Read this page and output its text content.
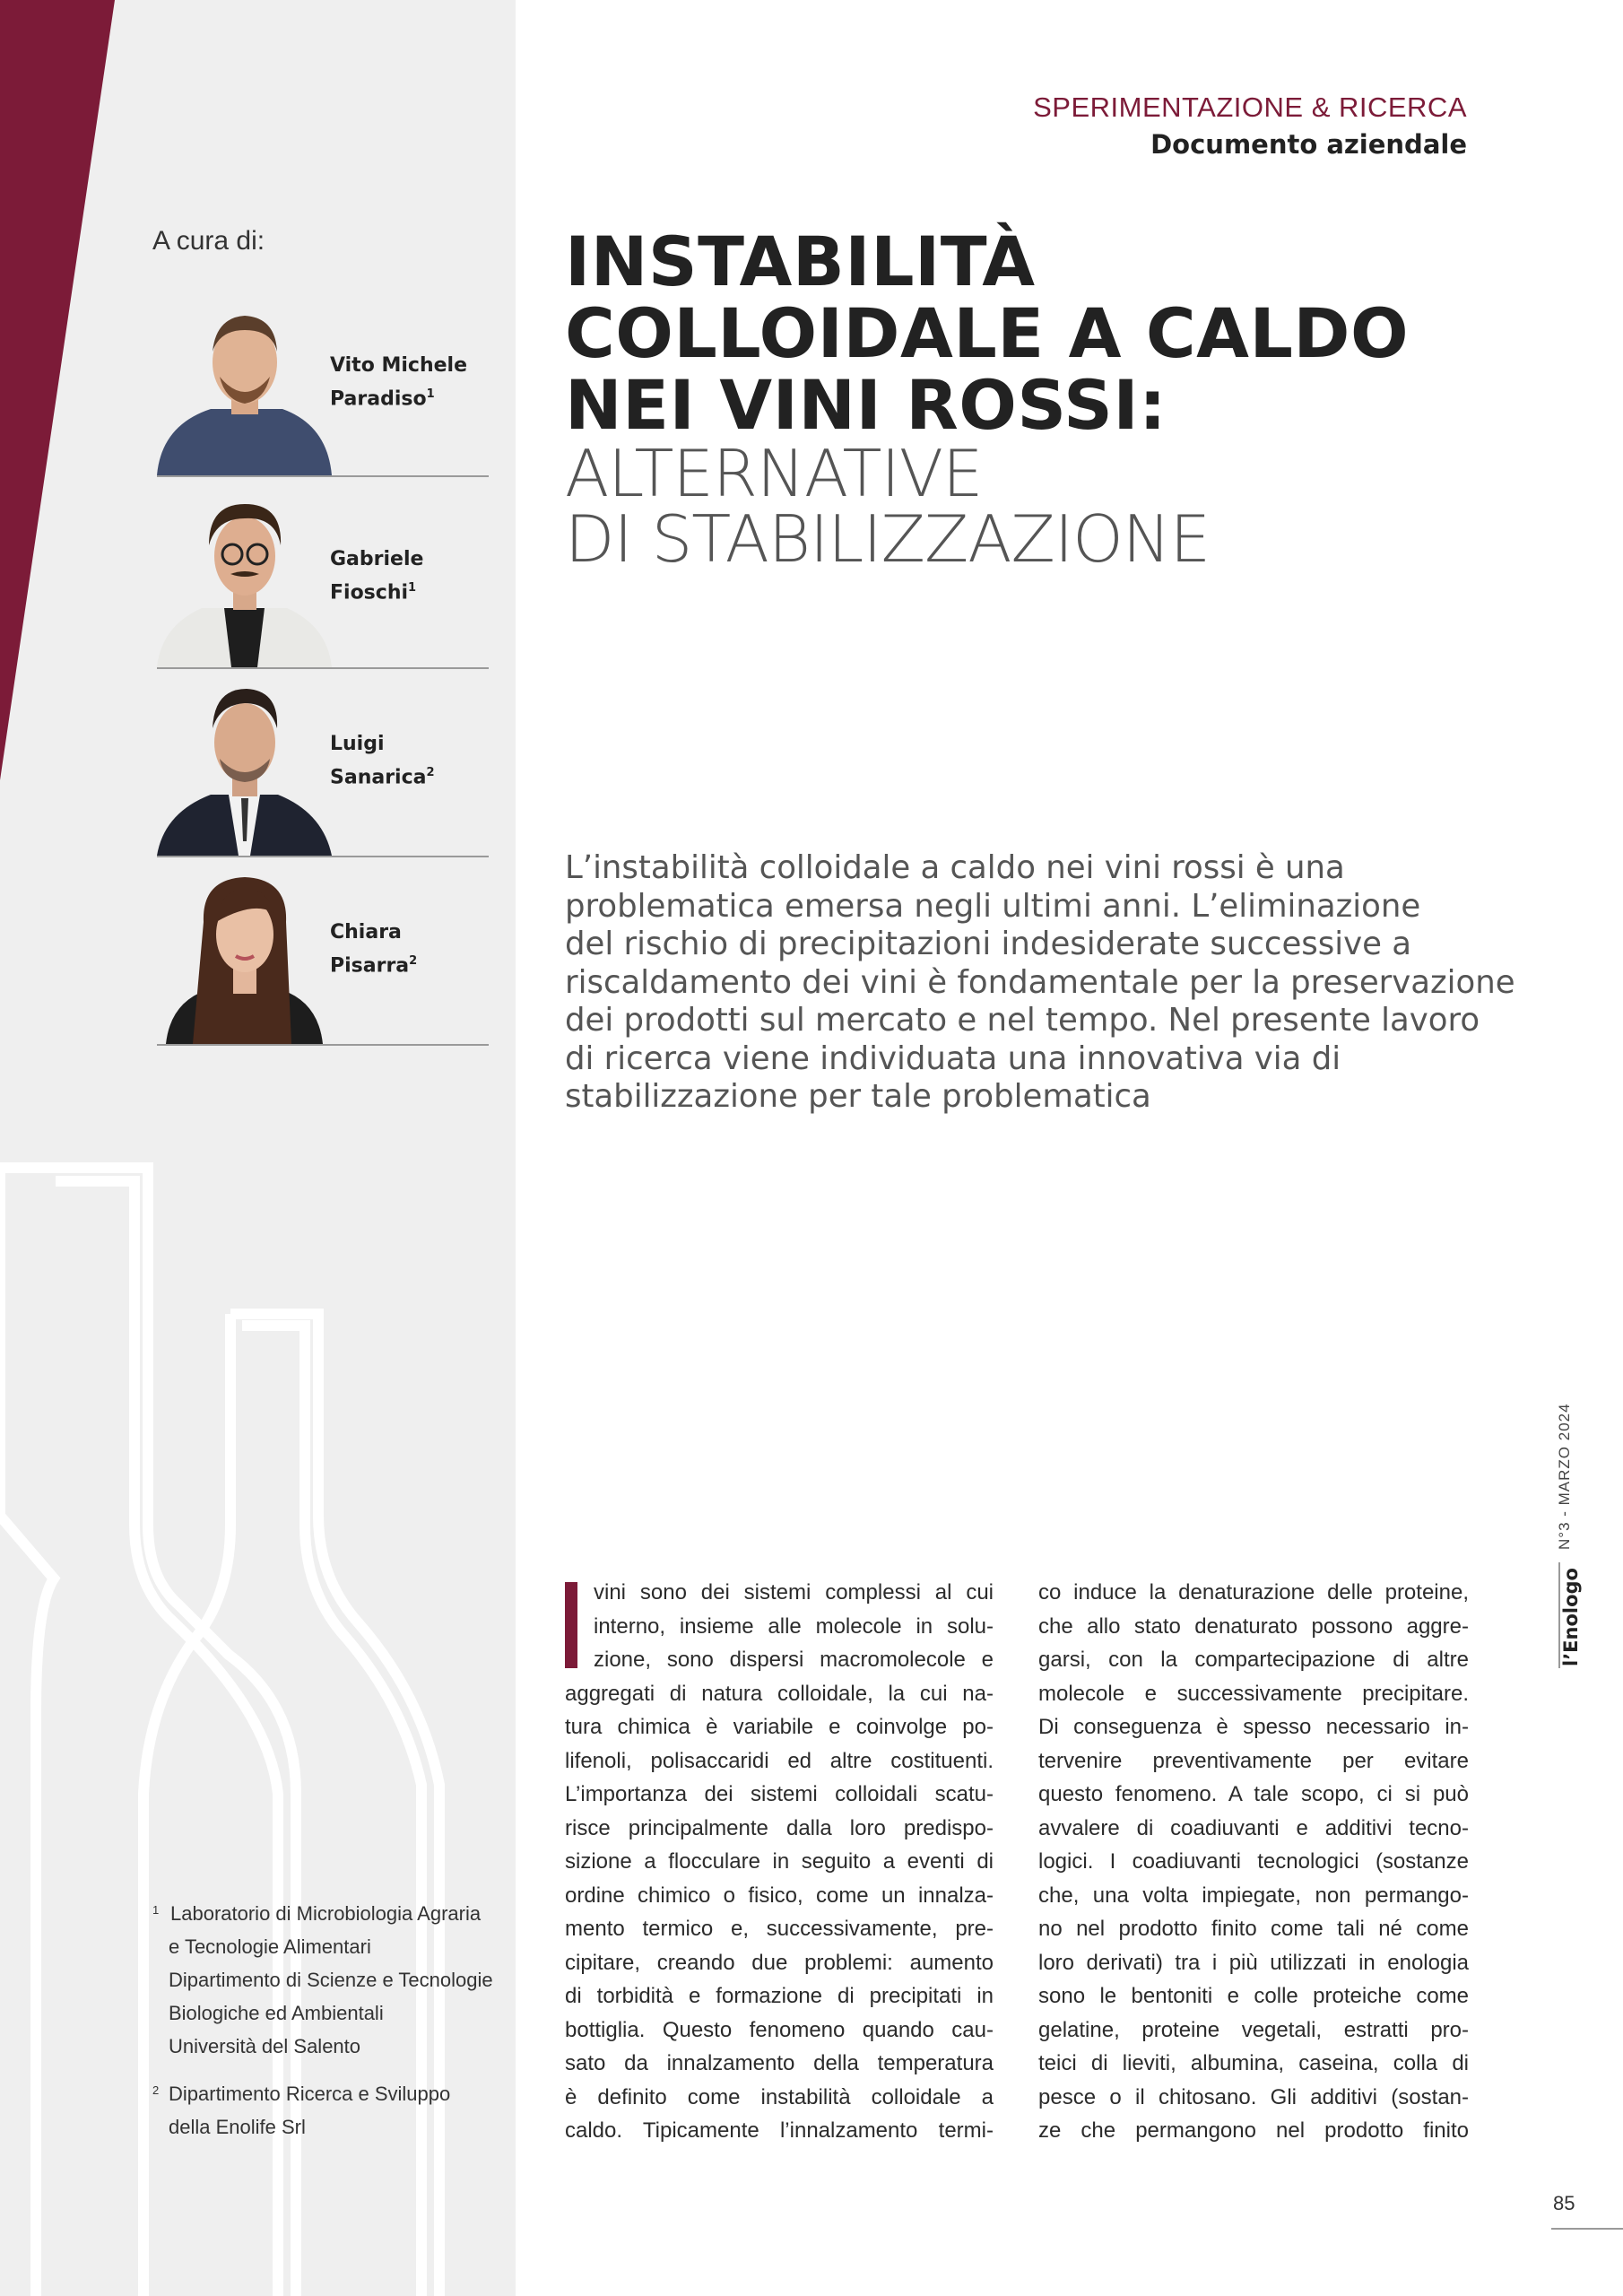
A cura di:
Vito Michele
Paradiso$^1$
Gabriele
Fioschi$^1$
Luigi
Sanarica$^2$
Chiara
Pisarra$^2$
1 Laboratorio di Microbiologia Agraria
e Tecnologie Alimentari
Dipartimento di Scienze e Tecnologie
Biologiche ed Ambientali
Università del Salento
2 Dipartimento Ricerca e Sviluppo
della Enolife Srl
SPERIMENTAZIONE & RICERCA
Documento aziendale
INSTABILITÀ
COLLOIDALE A CALDO
NEI VINI ROSSI:
ALTERNATIVE
DI STABILIZZAZIONE
L’instabilità colloidale a caldo nei vini rossi è una
problematica emersa negli ultimi anni. L’eliminazione
del rischio di precipitazioni indesiderate successive a
riscaldamento dei vini è fondamentale per la preservazione
dei prodotti sul mercato e nel tempo. Nel presente lavoro
di ricerca viene individuata una innovativa via di
stabilizzazione per tale problematica
vini sono dei sistemi complessi al cui
interno, insieme alle molecole in solu-
zione, sono dispersi macromolecole e
aggregati di natura colloidale, la cui na-
tura chimica è variabile e coinvolge po-
lifenoli, polisaccaridi ed altre costituenti.
L’importanza dei sistemi colloidali scatu-
risce principalmente dalla loro predispo-
sizione a flocculare in seguito a eventi di
ordine chimico o fisico, come un innalza-
mento termico e, successivamente, pre-
cipitare, creando due problemi: aumento
di torbidità e formazione di precipitati in
bottiglia. Questo fenomeno quando cau-
sato da innalzamento della temperatura
è definito come instabilità colloidale a
caldo. Tipicamente l’innalzamento termi-
co induce la denaturazione delle proteine,
che allo stato denaturato possono aggre-
garsi, con la compartecipazione di altre
molecole e successivamente precipitare.
Di conseguenza è spesso necessario in-
tervenire preventivamente per evitare
questo fenomeno. A tale scopo, ci si può
avvalere di coadiuvanti e additivi tecno-
logici. I coadiuvanti tecnologici (sostanze
che, una volta impiegate, non permango-
no nel prodotto finito come tali né come
loro derivati) tra i più utilizzati in enologia
sono le bentoniti e colle proteiche come
gelatine, proteine vegetali, estratti pro-
teici di lieviti, albumina, caseina, colla di
pesce o il chitosano. Gli additivi (sostan-
ze che permangono nel prodotto finito
N°3 - MARZO 2024
l’Enologo
85
